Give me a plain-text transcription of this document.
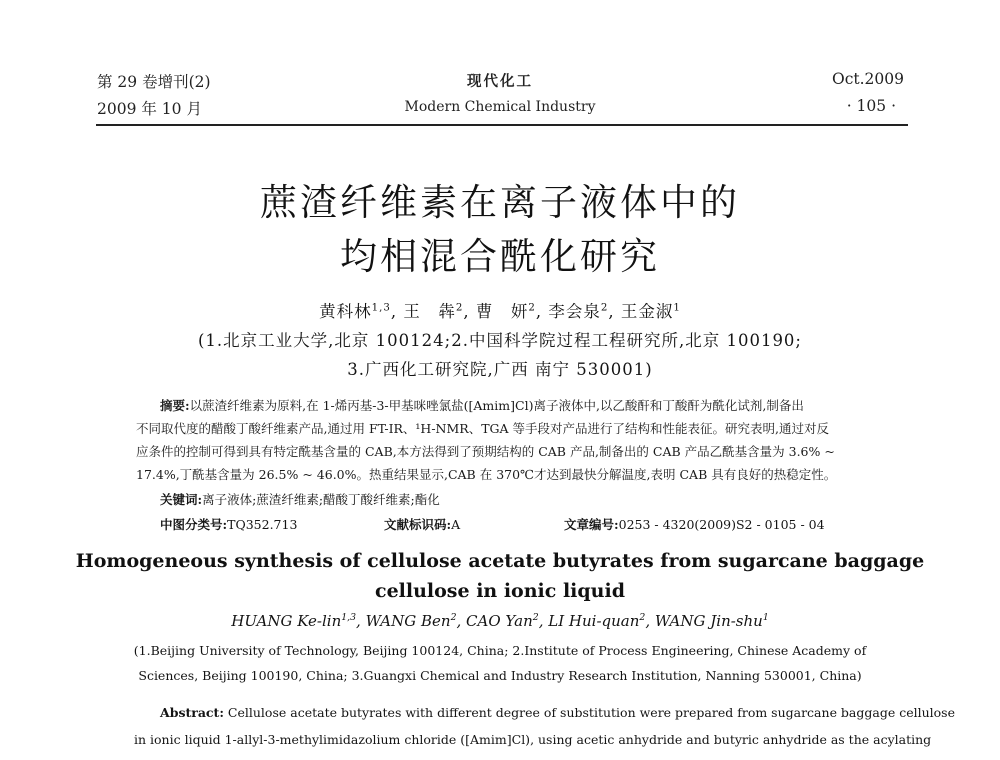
第 29 卷增刊(2)
2009 年 10 月
现代化工
Modern Chemical Industry
Oct.2009
· 105 ·
蔗渣纤维素在离子液体中的
均相混合酰化研究
黄科林$^{1,3}$, 王　犇$^2$, 曹　妍$^2$, 李会泉$^2$, 王金淑$^1$
(1.北京工业大学,北京 100124;2.中国科学院过程工程研究所,北京 100190;
3.广西化工研究院,广西 南宁 530001)
摘要:以蔗渣纤维素为原料,在 1-烯丙基-3-甲基咪唑氯盐([Amim]Cl)离子液体中,以乙酸酐和丁酸酐为酰化试剂,制备出
不同取代度的醋酸丁酸纤维素产品,通过用 FT-IR、¹H-NMR、TGA 等手段对产品进行了结构和性能表征。研究表明,通过对反
应条件的控制可得到具有特定酰基含量的 CAB,本方法得到了预期结构的 CAB 产品,制备出的 CAB 产品乙酰基含量为 3.6% ~
17.4%,丁酰基含量为 26.5% ~ 46.0%。热重结果显示,CAB 在 370℃才达到最快分解温度,表明 CAB 具有良好的热稳定性。
关键词:离子液体;蔗渣纤维素;醋酸丁酸纤维素;酯化
中图分类号:TQ352.713	文献标识码:A	文章编号:0253 - 4320(2009)S2 - 0105 - 04
Homogeneous synthesis of cellulose acetate butyrates from sugarcane baggage
cellulose in ionic liquid
HUANG Ke-lin$^{1,3}$, WANG Ben$^2$, CAO Yan$^2$, LI Hui-quan$^2$, WANG Jin-shu$^1$
(1.Beijing University of Technology, Beijing 100124, China; 2.Institute of Process Engineering, Chinese Academy of
Sciences, Beijing 100190, China; 3.Guangxi Chemical and Industry Research Institution, Nanning 530001, China)
Abstract: Cellulose acetate butyrates with different degree of substitution were prepared from sugarcane baggage cellulose
in ionic liquid 1-allyl-3-methylimidazolium chloride ([Amim]Cl), using acetic anhydride and butyric anhydride as the acylating
